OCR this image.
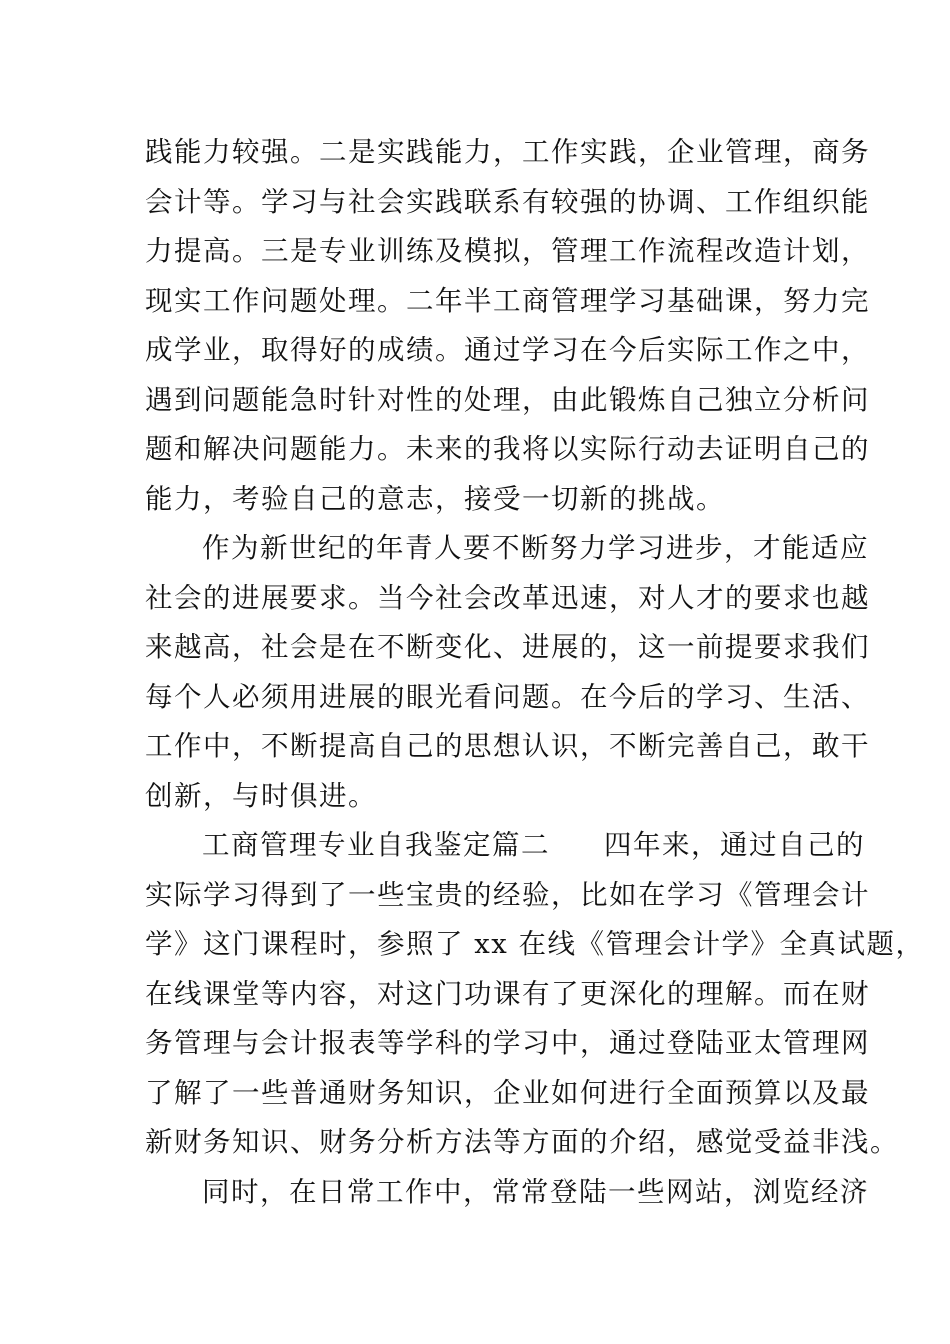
践能力较强。二是实践能力，工作实践，企业管理，商务
会计等。学习与社会实践联系有较强的协调、工作组织能
力提高。三是专业训练及模拟，管理工作流程改造计划，
现实工作问题处理。二年半工商管理学习基础课，努力完
成学业，取得好的成绩。通过学习在今后实际工作之中，
遇到问题能急时针对性的处理，由此锻炼自己独立分析问
题和解决问题能力。未来的我将以实际行动去证明自己的
能力，考验自己的意志，接受一切新的挑战。
作为新世纪的年青人要不断努力学习进步，才能适应
社会的进展要求。当今社会改革迅速，对人才的要求也越
来越高，社会是在不断变化、进展的，这一前提要求我们
每个人必须用进展的眼光看问题。在今后的学习、生活、
工作中，不断提高自己的思想认识，不断完善自己，敢干
创新，与时俱进。
工商管理专业自我鉴定篇二 四年来，通过自己的
实际学习得到了一些宝贵的经验，比如在学习《管理会计
学》这门课程时，参照了 xx 在线《管理会计学》全真试题，
在线课堂等内容，对这门功课有了更深化的理解。而在财
务管理与会计报表等学科的学习中，通过登陆亚太管理网
了解了一些普通财务知识，企业如何进行全面预算以及最
新财务知识、财务分析方法等方面的介绍，感觉受益非浅。
同时，在日常工作中，常常登陆一些网站，浏览经济
